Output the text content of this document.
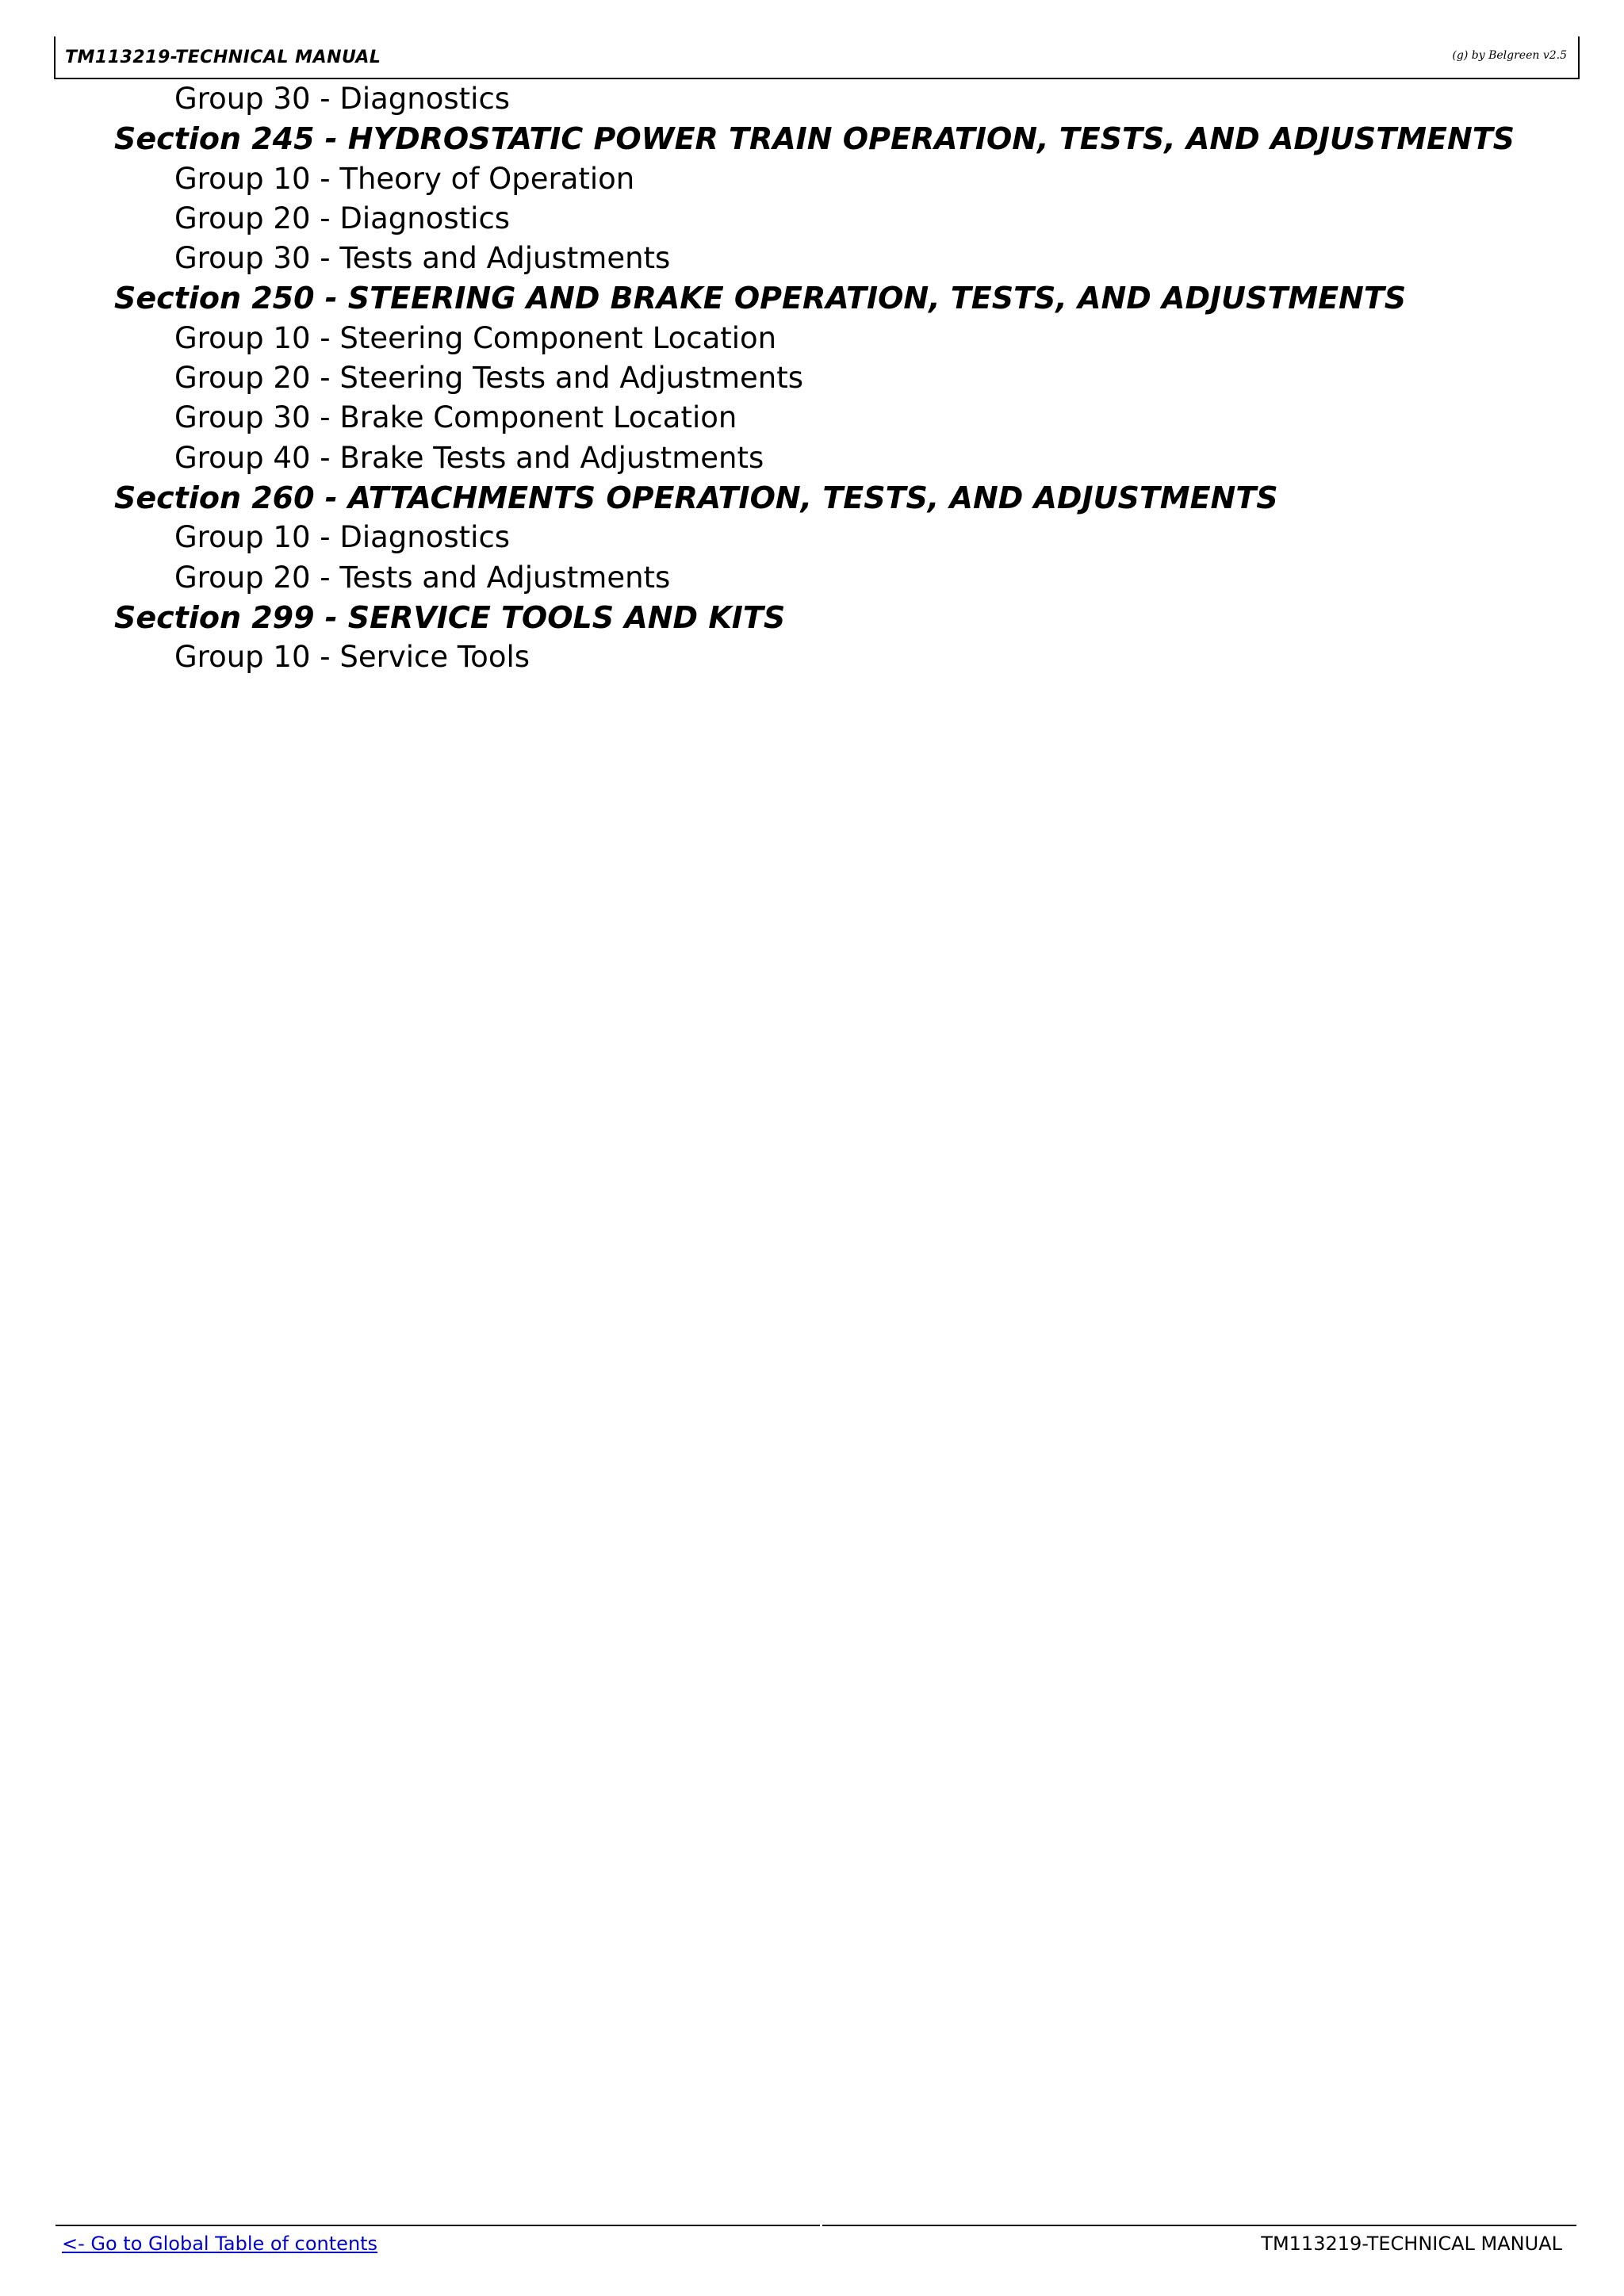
TM113219-TECHNICAL MANUAL	(g) by Belgreen v2.5
Group 30 - Diagnostics
Section 245 - HYDROSTATIC POWER TRAIN OPERATION, TESTS, AND ADJUSTMENTS
Group 10 - Theory of Operation
Group 20 - Diagnostics
Group 30 - Tests and Adjustments
Section 250 - STEERING AND BRAKE OPERATION, TESTS, AND ADJUSTMENTS
Group 10 - Steering Component Location
Group 20 - Steering Tests and Adjustments
Group 30 - Brake Component Location
Group 40 - Brake Tests and Adjustments
Section 260 - ATTACHMENTS OPERATION, TESTS, AND ADJUSTMENTS
Group 10 - Diagnostics
Group 20 - Tests and Adjustments
Section 299 - SERVICE TOOLS AND KITS
Group 10 - Service Tools
<- Go to Global Table of contents	TM113219-TECHNICAL MANUAL
